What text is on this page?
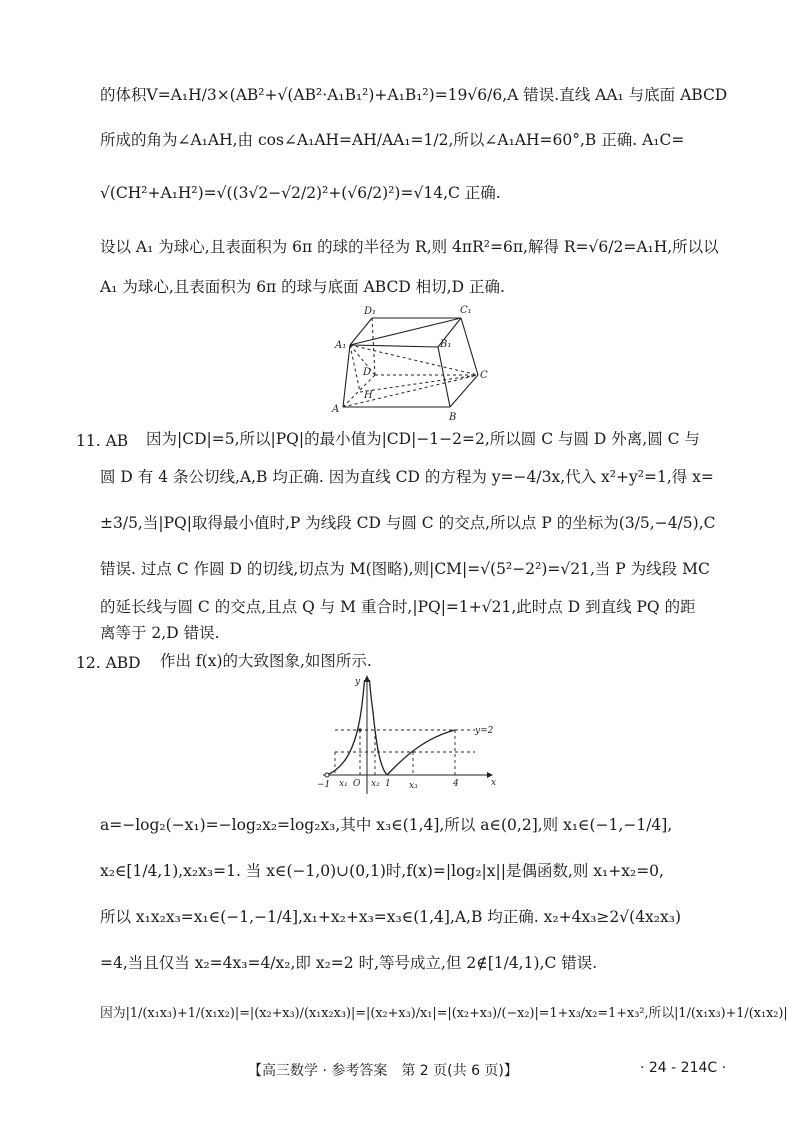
的体积V=A₁H/3×(AB²+√(AB²·A₁B₁²)+A₁B₁²)=19√6/6,A 错误.直线 AA₁ 与底面 ABCD
所成的角为∠A₁AH,由 cos∠A₁AH=AH/AA₁=1/2,所以∠A₁AH=60°,B 正确. A₁C=
√(CH²+A₁H²)=√((3√2−√2/2)²+(√6/2)²)=√14,C 正确.
设以 A₁ 为球心,且表面积为 6π 的球的半径为 R,则 4πR²=6π,解得 R=√6/2=A₁H,所以以
A₁ 为球心,且表面积为 6π 的球与底面 ABCD 相切,D 正确.
D₁	C₁
A₁	B₁
D	C
H
A
B
11. AB 因为|CD|=5,所以|PQ|的最小值为|CD|−1−2=2,所以圆 C 与圆 D 外离,圆 C 与
圆 D 有 4 条公切线,A,B 均正确. 因为直线 CD 的方程为 y=−4/3x,代入 x²+y²=1,得 x=
±3/5,当|PQ|取得最小值时,P 为线段 CD 与圆 C 的交点,所以点 P 的坐标为(3/5,−4/5),C
错误. 过点 C 作圆 D 的切线,切点为 M(图略),则|CM|=√(5²−2²)=√21,当 P 为线段 MC
的延长线与圆 C 的交点,且点 Q 与 M 重合时,|PQ|=1+√21,此时点 D 到直线 PQ 的距
离等于 2,D 错误.
12. ABD 作出 f(x)的大致图象,如图所示.
y
x
y=2
−1 x₁ O x₂ 1 x₃	4
a=−log₂(−x₁)=−log₂x₂=log₂x₃,其中 x₃∈(1,4],所以 a∈(0,2],则 x₁∈(−1,−1/4],
x₂∈[1/4,1),x₂x₃=1. 当 x∈(−1,0)∪(0,1)时,f(x)=|log₂|x||是偶函数,则 x₁+x₂=0,
所以 x₁x₂x₃=x₁∈(−1,−1/4],x₁+x₂+x₃=x₃∈(1,4],A,B 均正确. x₂+4x₃≥2√(4x₂x₃)
=4,当且仅当 x₂=4x₃=4/x₂,即 x₂=2 时,等号成立,但 2∉[1/4,1),C 错误.
因为|1/(x₁x₃)+1/(x₁x₂)|=|(x₂+x₃)/(x₁x₂x₃)|=|(x₂+x₃)/x₁|=|(x₂+x₃)/(−x₂)|=1+x₃/x₂=1+x₃²,所以|1/(x₁x₃)+1/(x₁x₂)|
【高三数学 · 参考答案　第 2 页(共 6 页)】	· 24 - 214C ·
